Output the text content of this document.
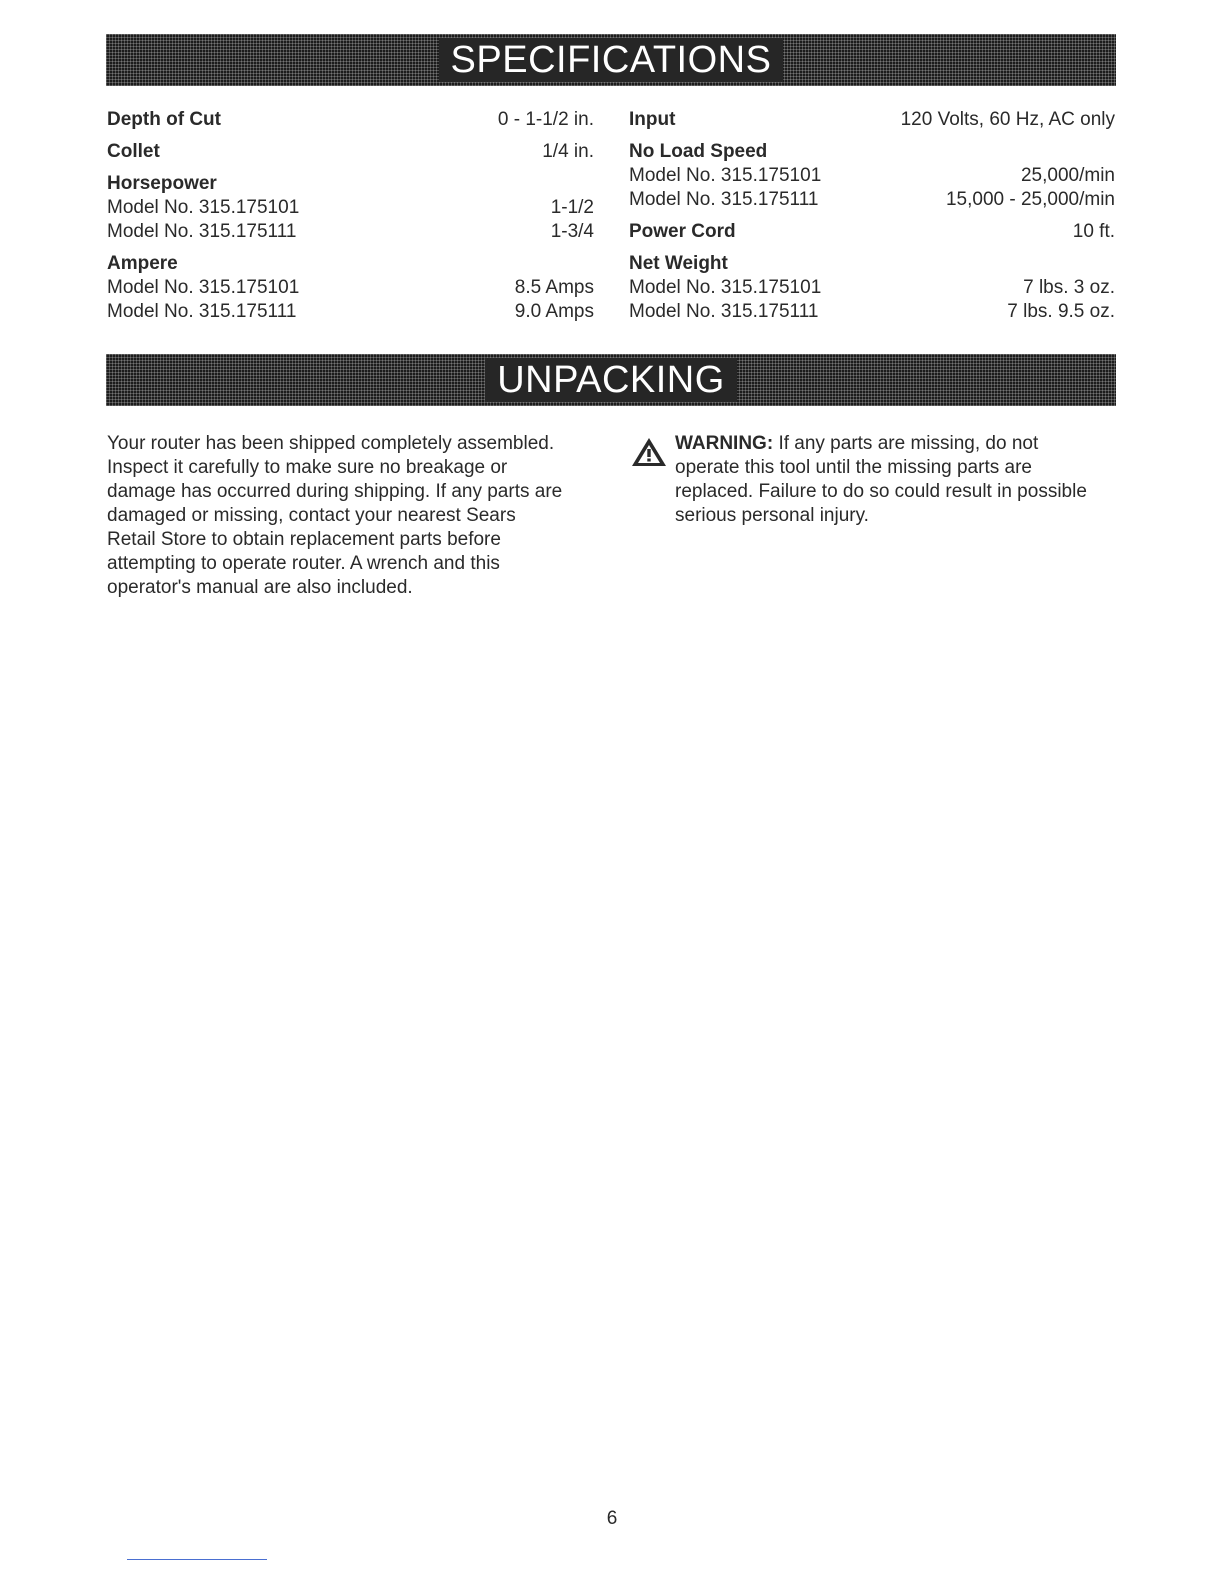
SPECIFICATIONS
Depth of Cut	0 - 1-1/2 in.
Collet	1/4 in.
Horsepower
Model No. 315.175101	1-1/2
Model No. 315.175111	1-3/4
Ampere
Model No. 315.175101	8.5 Amps
Model No. 315.175111	9.0 Amps
Input	120 Volts, 60 Hz, AC only
No Load Speed
Model No. 315.175101	25,000/min
Model No. 315.175111	15,000 - 25,000/min
Power Cord	10 ft.
Net Weight
Model No. 315.175101	7 lbs. 3 oz.
Model No. 315.175111	7 lbs. 9.5 oz.
UNPACKING
Your router has been shipped completely assembled.
Inspect it carefully to make sure no breakage or
damage has occurred during shipping. If any parts are
damaged or missing, contact your nearest Sears
Retail Store to obtain replacement parts before
attempting to operate router. A wrench and this
operator's manual are also included.
WARNING: If any parts are missing, do not
operate this tool until the missing parts are
replaced. Failure to do so could result in possible
serious personal injury.
6
